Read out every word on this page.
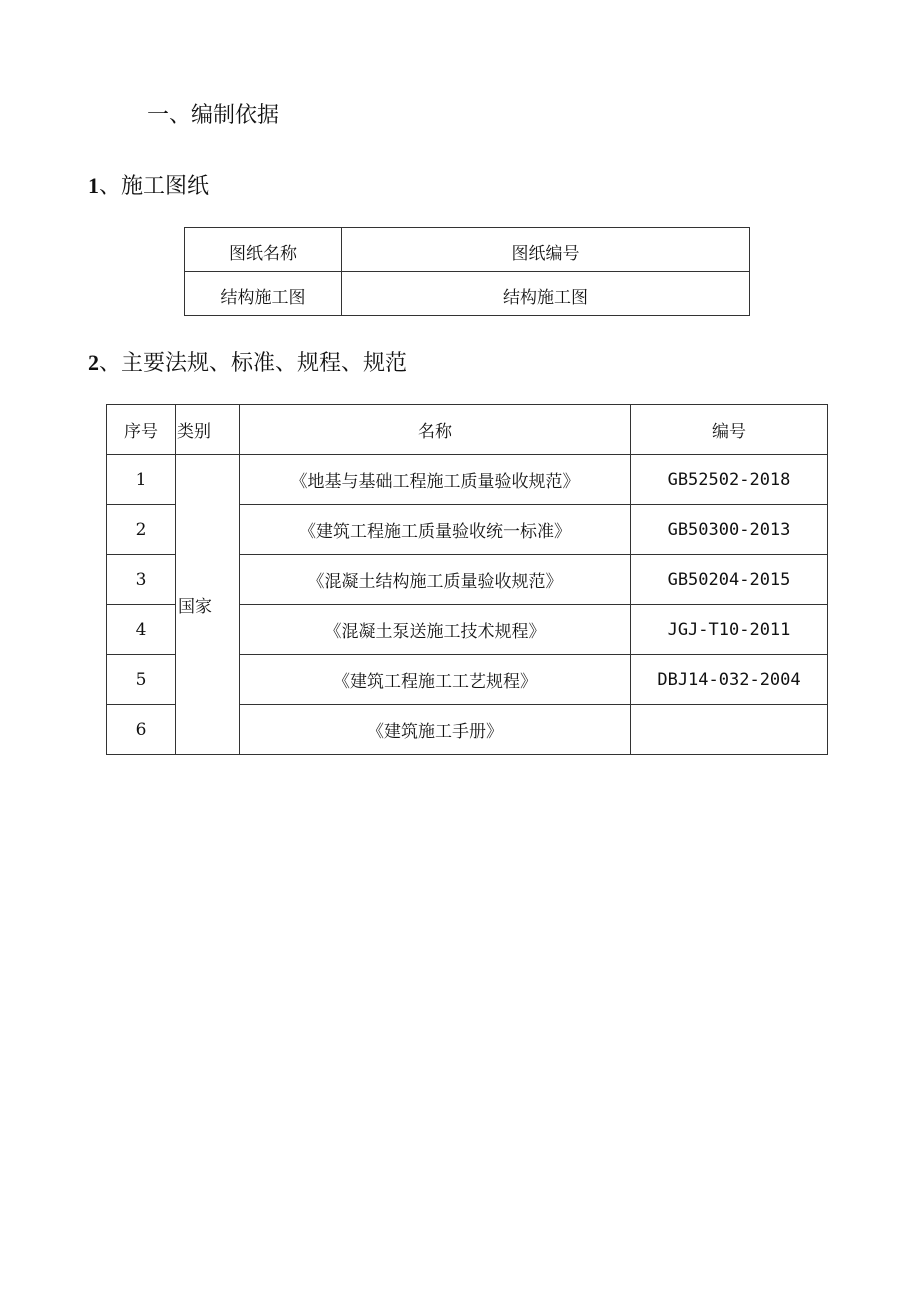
一、编制依据
1、施工图纸
图纸名称	图纸编号
结构施工图	结构施工图
2、主要法规、标准、规程、规范
序号	类别	名称	编号
1	国家	《地基与基础工程施工质量验收规范》	GB52502-2018
2		《建筑工程施工质量验收统一标准》	GB50300-2013
3		《混凝土结构施工质量验收规范》	GB50204-2015
4		《混凝土泵送施工技术规程》	JGJ-T10-2011
5		《建筑工程施工工艺规程》	DBJ14-032-2004
6		《建筑施工手册》	
